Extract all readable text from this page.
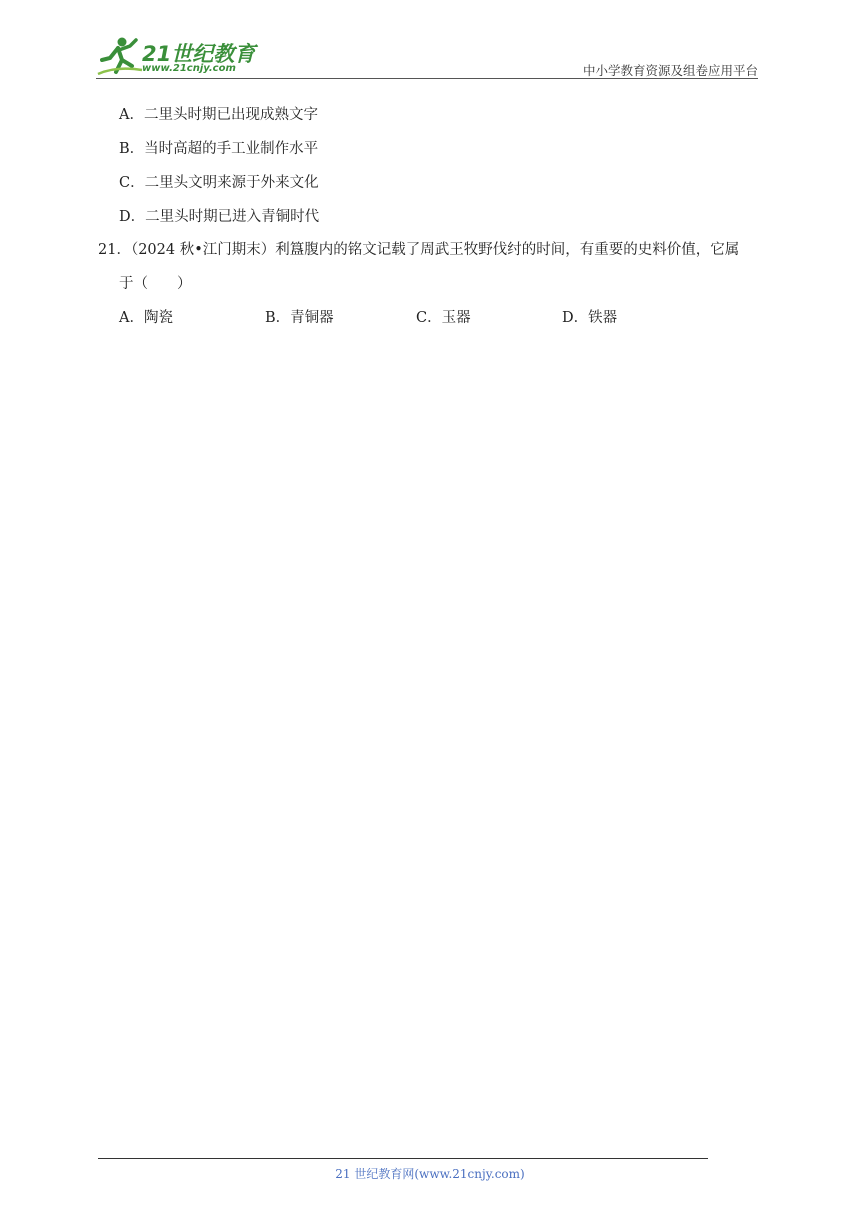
21世纪教育
www.21cnjy.com	中小学教育资源及组卷应用平台
A．二里头时期已出现成熟文字
B．当时高超的手工业制作水平
C．二里头文明来源于外来文化
D．二里头时期已进入青铜时代
21．（2024 秋•江门期末）利簋腹内的铭文记载了周武王牧野伐纣的时间，有重要的史料价值，它属
于（　　）
A．陶瓷	B．青铜器	C．玉器	D．铁器
21 世纪教育网(www.21cnjy.com)
